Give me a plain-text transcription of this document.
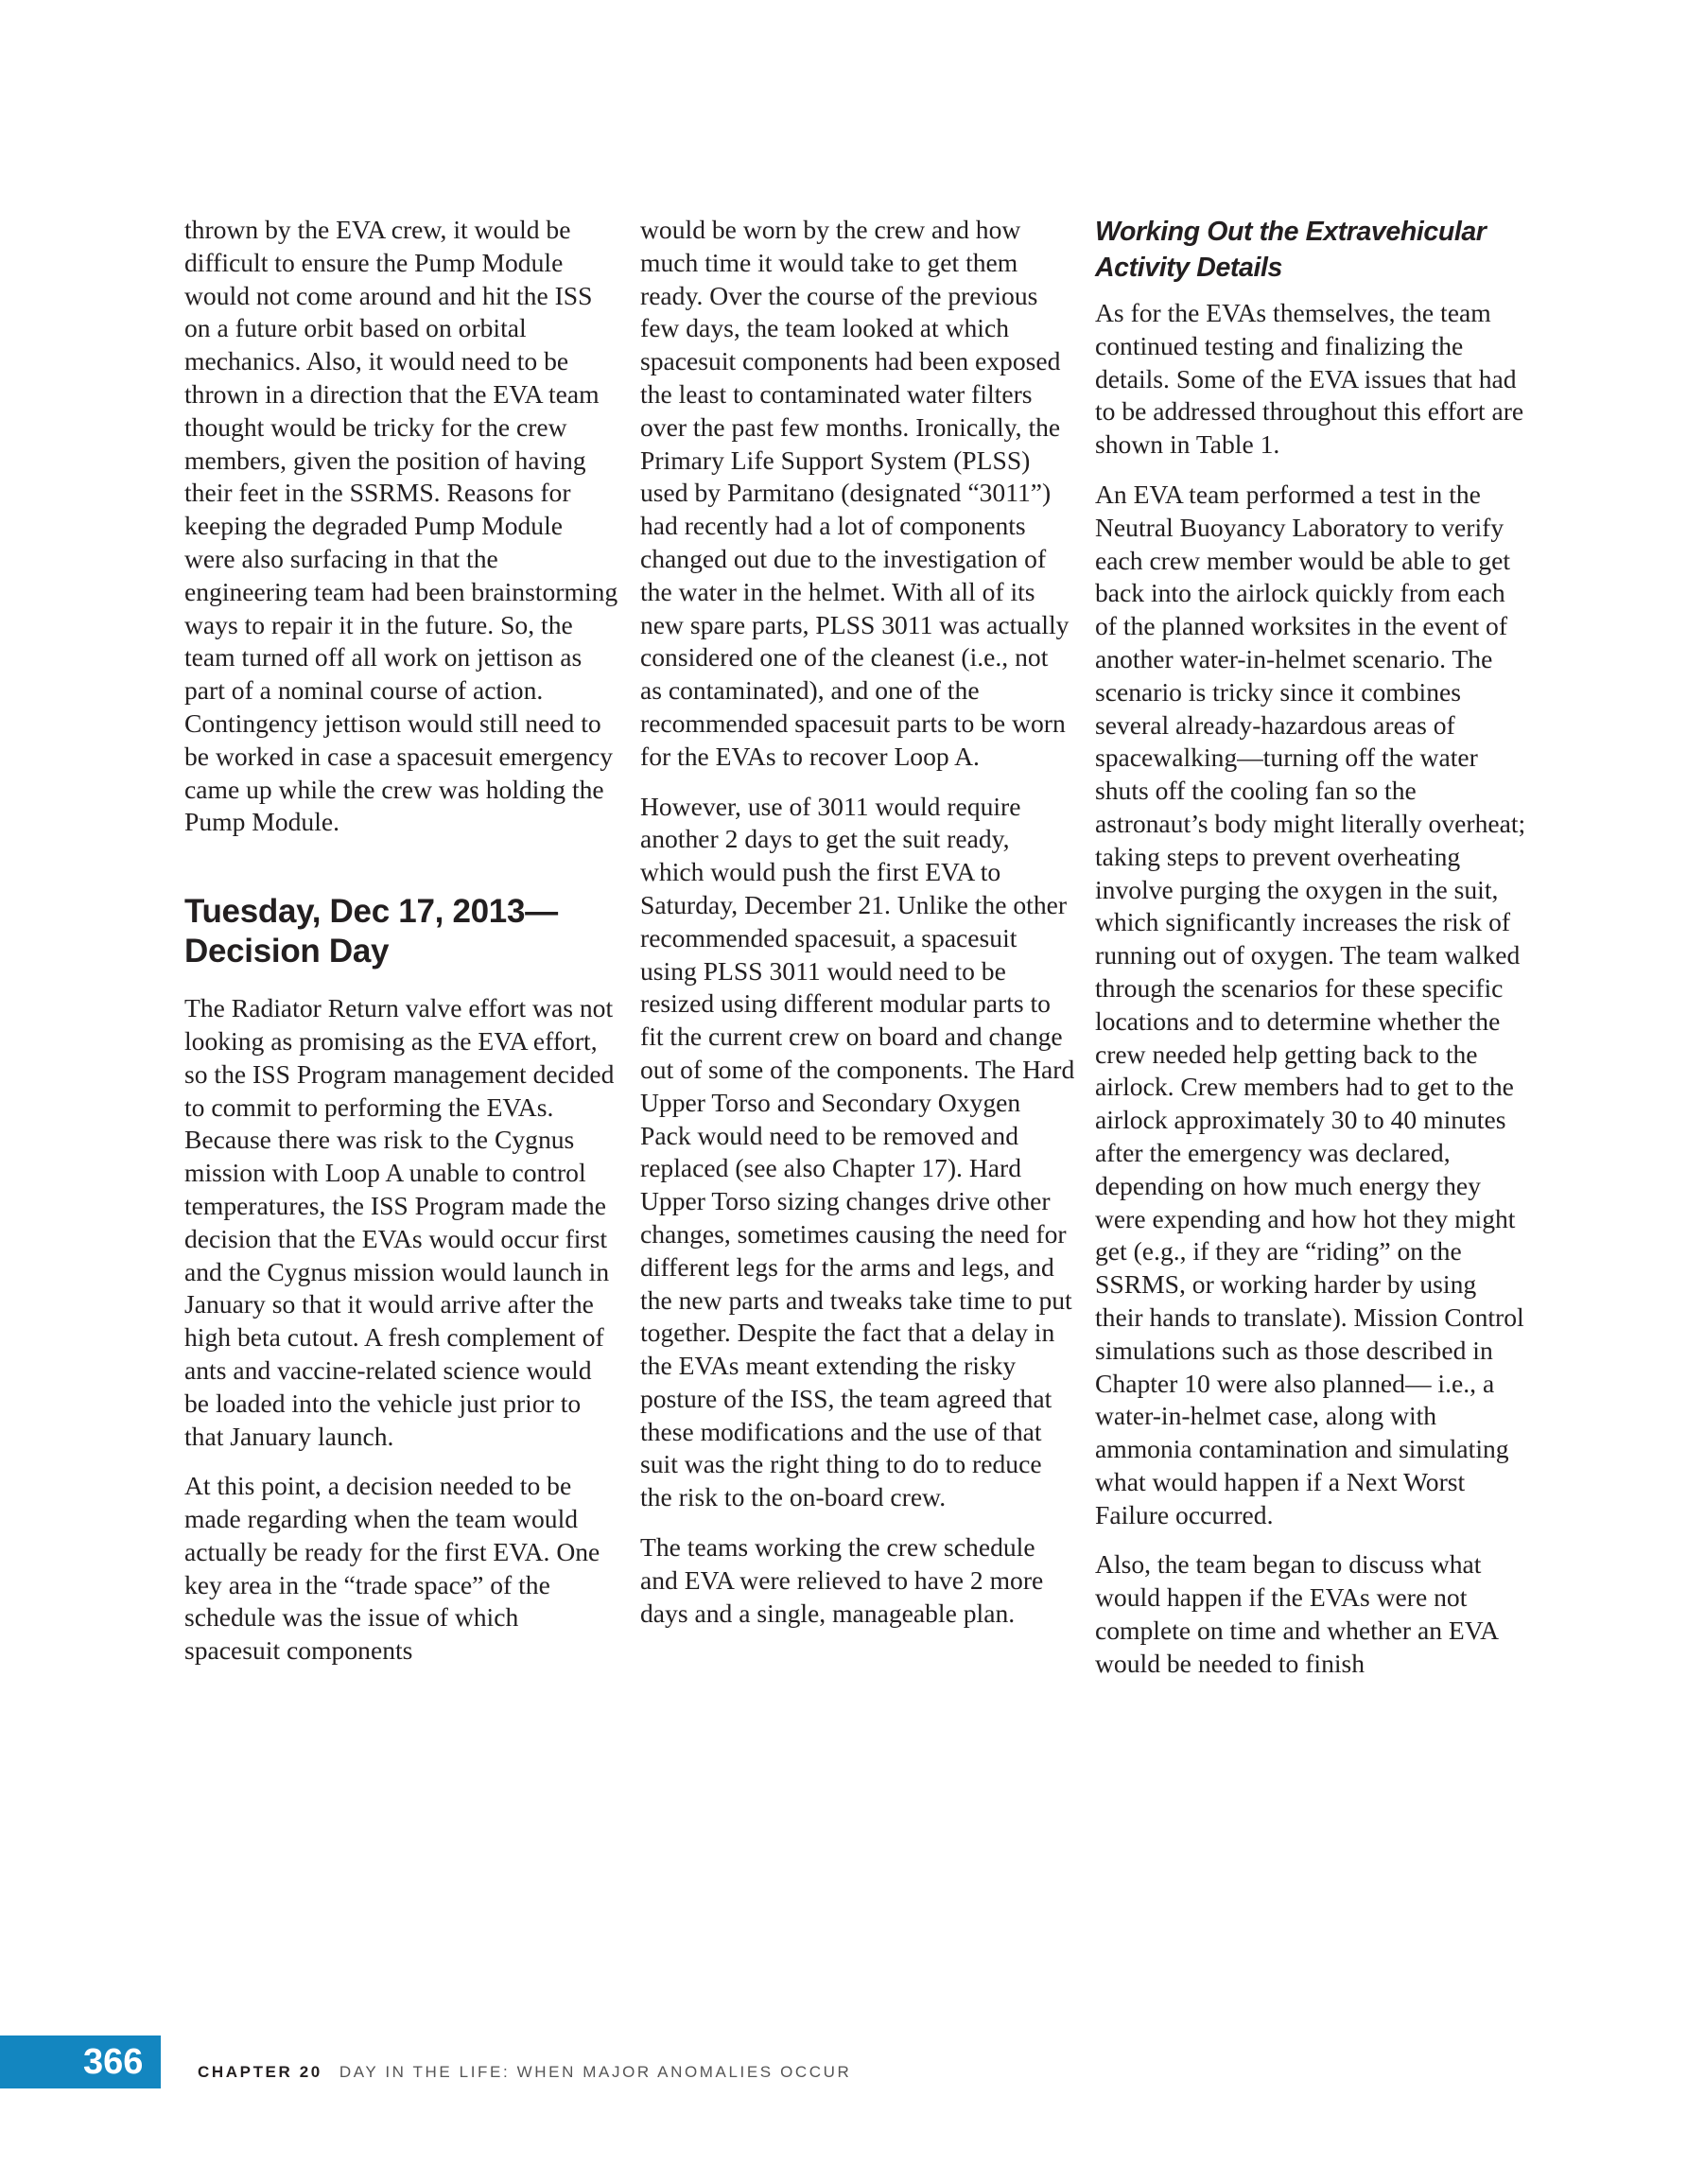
thrown by the EVA crew, it would be difficult to ensure the Pump Module would not come around and hit the ISS on a future orbit based on orbital mechanics. Also, it would need to be thrown in a direction that the EVA team thought would be tricky for the crew members, given the position of having their feet in the SSRMS. Reasons for keeping the degraded Pump Module were also surfacing in that the engineering team had been brainstorming ways to repair it in the future. So, the team turned off all work on jettison as part of a nominal course of action. Contingency jettison would still need to be worked in case a spacesuit emergency came up while the crew was holding the Pump Module.

Tuesday, Dec 17, 2013—
Decision Day

The Radiator Return valve effort was not looking as promising as the EVA effort, so the ISS Program management decided to commit to performing the EVAs. Because there was risk to the Cygnus mission with Loop A unable to control temperatures, the ISS Program made the decision that the EVAs would occur first and the Cygnus mission would launch in January so that it would arrive after the high beta cutout. A fresh complement of ants and vaccine-related science would be loaded into the vehicle just prior to that January launch.

At this point, a decision needed to be made regarding when the team would actually be ready for the first EVA. One key area in the “trade space” of the schedule was the issue of which spacesuit components

would be worn by the crew and how much time it would take to get them ready. Over the course of the previous few days, the team looked at which spacesuit components had been exposed the least to contaminated water filters over the past few months. Ironically, the Primary Life Support System (PLSS) used by Parmitano (designated “3011”) had recently had a lot of components changed out due to the investigation of the water in the helmet. With all of its new spare parts, PLSS 3011 was actually considered one of the cleanest (i.e., not as contaminated), and one of the recommended spacesuit parts to be worn for the EVAs to recover Loop A.

However, use of 3011 would require another 2 days to get the suit ready, which would push the first EVA to Saturday, December 21. Unlike the other recommended spacesuit, a spacesuit using PLSS 3011 would need to be resized using different modular parts to fit the current crew on board and change out of some of the components. The Hard Upper Torso and Secondary Oxygen Pack would need to be removed and replaced (see also Chapter 17). Hard Upper Torso sizing changes drive other changes, sometimes causing the need for different legs for the arms and legs, and the new parts and tweaks take time to put together. Despite the fact that a delay in the EVAs meant extending the risky posture of the ISS, the team agreed that these modifications and the use of that suit was the right thing to do to reduce the risk to the on-board crew.

The teams working the crew schedule and EVA were relieved to have 2 more days and a single, manageable plan.

Working Out the Extravehicular
Activity Details

As for the EVAs themselves, the team continued testing and finalizing the details. Some of the EVA issues that had to be addressed throughout this effort are shown in Table 1.

An EVA team performed a test in the Neutral Buoyancy Laboratory to verify each crew member would be able to get back into the airlock quickly from each of the planned worksites in the event of another water-in-helmet scenario. The scenario is tricky since it combines several already-hazardous areas of spacewalking—turning off the water shuts off the cooling fan so the astronaut’s body might literally overheat; taking steps to prevent overheating involve purging the oxygen in the suit, which significantly increases the risk of running out of oxygen. The team walked through the scenarios for these specific locations and to determine whether the crew needed help getting back to the airlock. Crew members had to get to the airlock approximately 30 to 40 minutes after the emergency was declared, depending on how much energy they were expending and how hot they might get (e.g., if they are “riding” on the SSRMS, or working harder by using their hands to translate). Mission Control simulations such as those described in Chapter 10 were also planned— i.e., a water-in-helmet case, along with ammonia contamination and simulating what would happen if a Next Worst Failure occurred.

Also, the team began to discuss what would happen if the EVAs were not complete on time and whether an EVA would be needed to finish

366	CHAPTER 20 DAY IN THE LIFE: WHEN MAJOR ANOMALIES OCCUR
